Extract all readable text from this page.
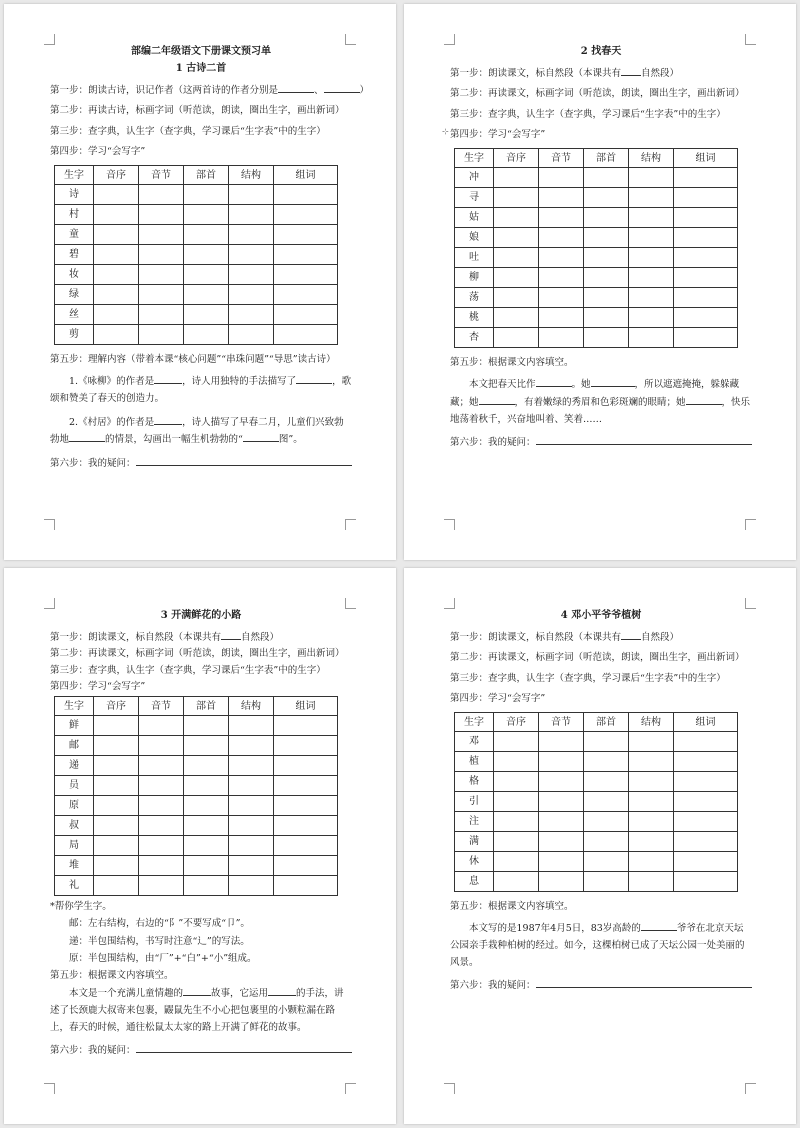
部编二年级语文下册课文预习单
1 古诗二首
第一步：朗读古诗，识记作者（这两首诗的作者分别是	、	）
第二步：再读古诗，标画字词（听范读，朗读，圈出生字，画出新词）
第三步：查字典，认生字（查字典，学习课后“生字表”中的生字）
第四步：学习“会写字”
生字	音序	音节	部首	结构	组词
诗					
村					
童					
碧					
妆					
绿					
丝					
剪					
第五步：理解内容（带着本课“核心问题”“串珠问题”“导思”读古诗）
1.《咏柳》的作者是	，诗人用独特的手法描写了	，歌颂和赞美了春天的创造力。
2.《村居》的作者是	，诗人描写了早春二月，儿童们兴致勃勃地	的情景，勾画出一幅生机勃勃的“	图”。
第六步：我的疑问：
2 找春天
第一步：朗读课文，标自然段（本课共有 自然段）
第二步：再读课文，标画字词（听范读，朗读，圈出生字，画出新词）
第三步：查字典，认生字（查字典，学习课后“生字表”中的生字）
⊹ 第四步：学习“会写字”
生字	音序	音节	部首	结构	组词
冲					
寻					
姑					
娘					
吐					
柳					
荡					
桃					
杏					
第五步：根据课文内容填空。
本文把春天比作	。她	，所以遮遮掩掩，躲躲藏藏；她	，有着嫩绿的秀眉和色彩斑斓的眼睛；她	，快乐地荡着秋千，兴奋地叫着、笑着……
第六步：我的疑问：
3 开满鲜花的小路
第一步：朗读课文，标自然段（本课共有 自然段）
第二步：再读课文，标画字词（听范读，朗读，圈出生字，画出新词）
第三步：查字典，认生字（查字典，学习课后“生字表”中的生字）
第四步：学习“会写字”
生字	音序	音节	部首	结构	组词
鲜					
邮					
递					
员					
原					
叔					
局					
堆					
礼					
*帮你学生字。
邮：左右结构，右边的“阝”不要写成“卩”。
递：半包围结构，书写时注意“辶”的写法。
原：半包围结构，由“厂”+“白”+“小”组成。
第五步：根据课文内容填空。
本文是一个充满儿童情趣的	故事，它运用	的手法，讲述了长颈鹿大叔寄来包裹，鼹鼠先生不小心把包裹里的小颗粒漏在路上，春天的时候，通往松鼠太太家的路上开满了鲜花的故事。
第六步：我的疑问：
4 邓小平爷爷植树
第一步：朗读课文，标自然段（本课共有 自然段）
第二步：再读课文，标画字词（听范读，朗读，圈出生字，画出新词）
第三步：查字典，认生字（查字典，学习课后“生字表”中的生字）
第四步：学习“会写字”
生字	音序	音节	部首	结构	组词
邓					
植					
格					
引					
注					
满					
休					
息					
第五步：根据课文内容填空。
本文写的是1987年4月5日，83岁高龄的	爷爷在北京天坛公园亲手栽种柏树的经过。如今，这棵柏树已成了天坛公园一处美丽的风景。
第六步：我的疑问：
